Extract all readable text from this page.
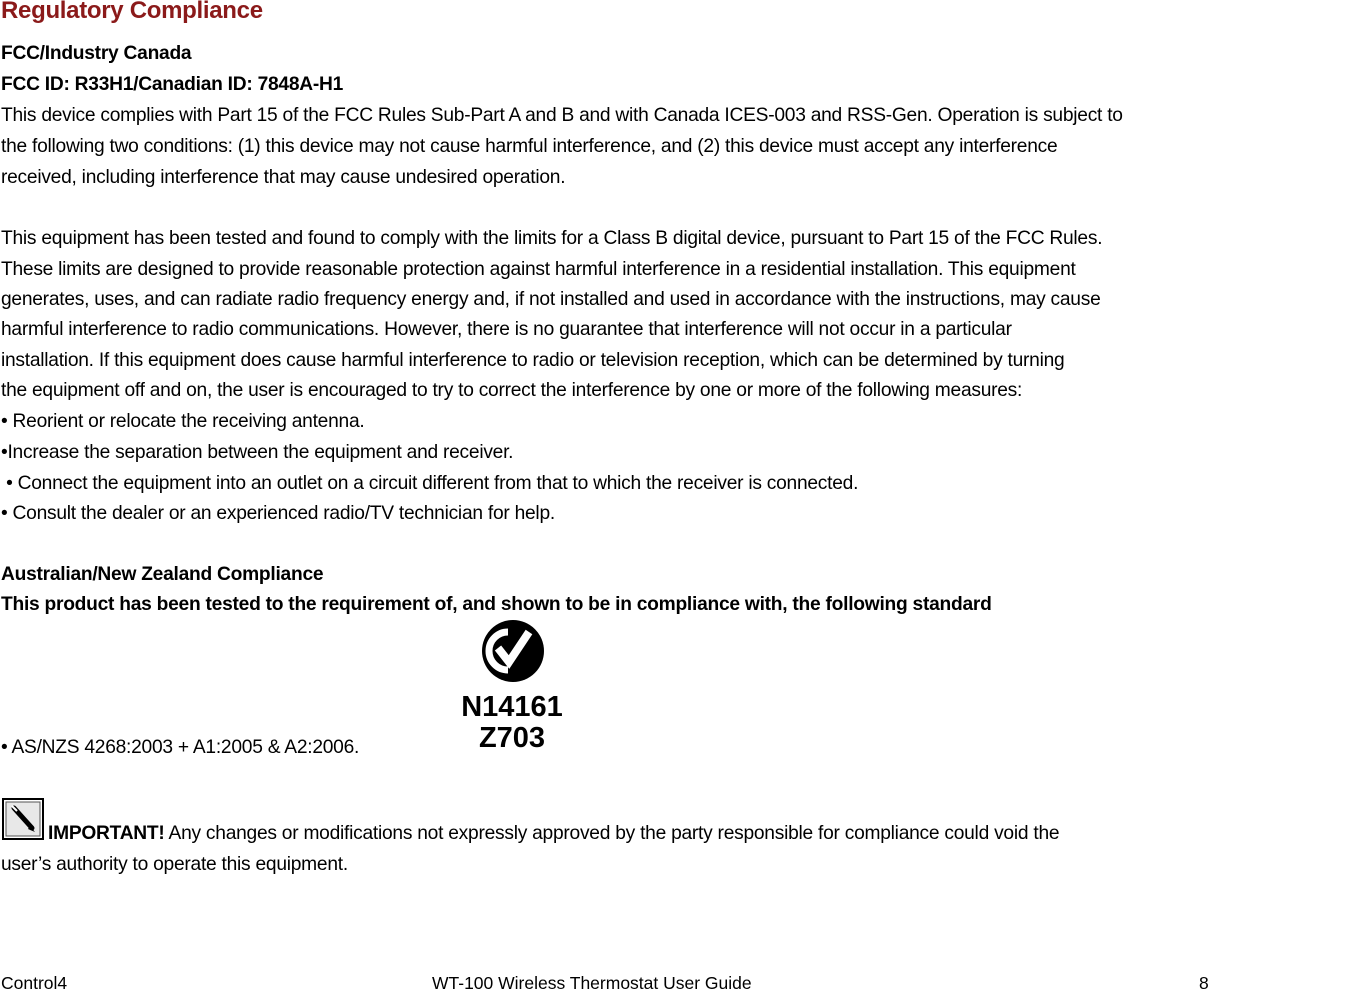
Regulatory Compliance

FCC/Industry Canada

FCC ID: R33H1/Canadian ID: 7848A-H1

This device complies with Part 15 of the FCC Rules Sub-Part A and B and with Canada ICES-003 and RSS-Gen. Operation is subject to

the following two conditions: (1) this device may not cause harmful interference, and (2) this device must accept any interference

received, including interference that may cause undesired operation.

This equipment has been tested and found to comply with the limits for a Class B digital device, pursuant to Part 15 of the FCC Rules.

These limits are designed to provide reasonable protection against harmful interference in a residential installation. This equipment

generates, uses, and can radiate radio frequency energy and, if not installed and used in accordance with the instructions, may cause

harmful interference to radio communications. However, there is no guarantee that interference will not occur in a particular

installation. If this equipment does cause harmful interference to radio or television reception, which can be determined by turning

the equipment off and on, the user is encouraged to try to correct the interference by one or more of the following measures:

• Reorient or relocate the receiving antenna.

•Increase the separation between the equipment and receiver.

• Connect the equipment into an outlet on a circuit different from that to which the receiver is connected.

• Consult the dealer or an experienced radio/TV technician for help.

Australian/New Zealand Compliance

This product has been tested to the requirement of, and shown to be in compliance with, the following standard

• AS/NZS 4268:2003 + A1:2005 & A2:2006.

N14161
Z703

IMPORTANT! Any changes or modifications not expressly approved by the party responsible for compliance could void the

user’s authority to operate this equipment.

Control4	WT-100 Wireless Thermostat User Guide	8
